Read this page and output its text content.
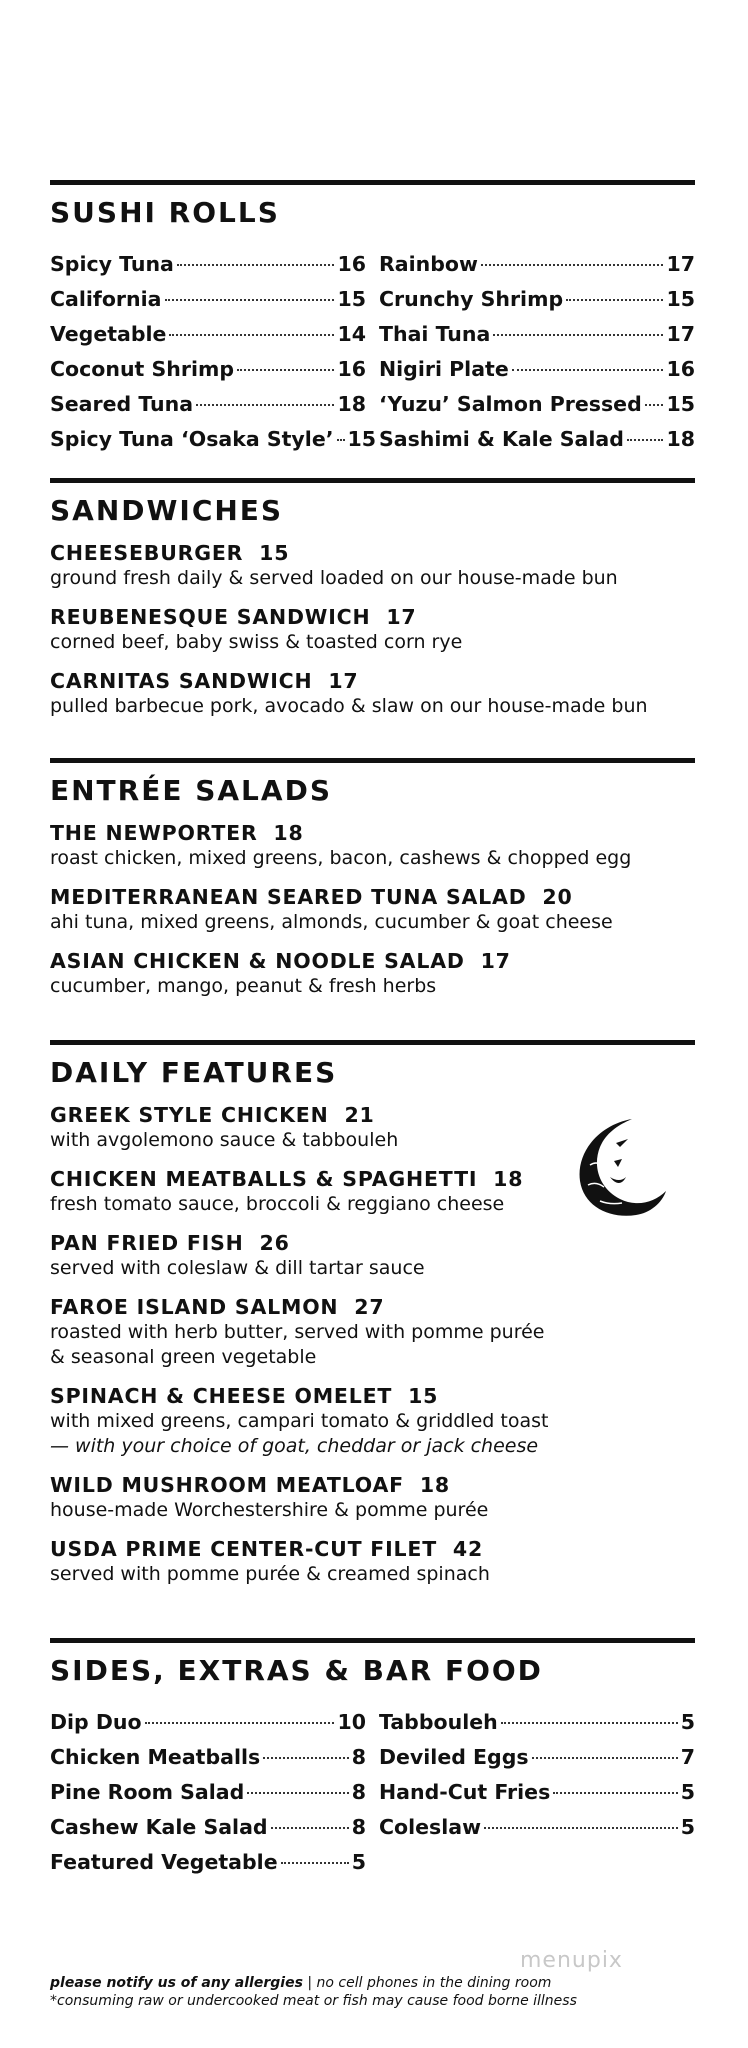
SUSHI ROLLS
Spicy Tuna	16
California	15
Vegetable	14
Coconut Shrimp	16
Seared Tuna	18
Spicy Tuna ‘Osaka Style’ 15
Rainbow	17
Crunchy Shrimp	15
Thai Tuna	17
Nigiri Plate	16
‘Yuzu’ Salmon Pressed 15
Sashimi & Kale Salad 18
SANDWICHES
CHEESEBURGER 15
ground fresh daily & served loaded on our house-made bun
REUBENESQUE SANDWICH 17
corned beef, baby swiss & toasted corn rye
CARNITAS SANDWICH 17
pulled barbecue pork, avocado & slaw on our house-made bun
ENTRÉE SALADS
THE NEWPORTER 18
roast chicken, mixed greens, bacon, cashews & chopped egg
MEDITERRANEAN SEARED TUNA SALAD 20
ahi tuna, mixed greens, almonds, cucumber & goat cheese
ASIAN CHICKEN & NOODLE SALAD 17
cucumber, mango, peanut & fresh herbs
DAILY FEATURES
GREEK STYLE CHICKEN 21
with avgolemono sauce & tabbouleh
CHICKEN MEATBALLS & SPAGHETTI 18
fresh tomato sauce, broccoli & reggiano cheese
PAN FRIED FISH 26
served with coleslaw & dill tartar sauce
FAROE ISLAND SALMON 27
roasted with herb butter, served with pomme purée
& seasonal green vegetable
SPINACH & CHEESE OMELET 15
with mixed greens, campari tomato & griddled toast
— with your choice of goat, cheddar or jack cheese
WILD MUSHROOM MEATLOAF 18
house-made Worchestershire & pomme purée
USDA PRIME CENTER-CUT FILET 42
served with pomme purée & creamed spinach
SIDES, EXTRAS & BAR FOOD
Dip Duo	10
Chicken Meatballs	8
Pine Room Salad	8
Cashew Kale Salad	8
Featured Vegetable	5
Tabbouleh	5
Deviled Eggs	7
Hand-Cut Fries	5
Coleslaw	5
menupix
please notify us of any allergies | no cell phones in the dining room
*consuming raw or undercooked meat or fish may cause food borne illness
